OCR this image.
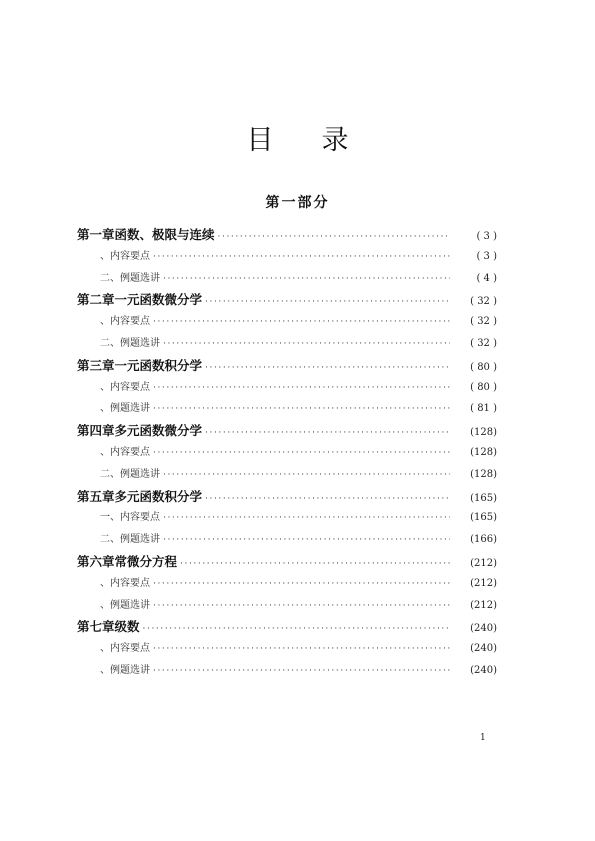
目录
第一部分
第一章 函数、极限与连续 ·····	( 3 )
、内容要点 ·····	( 3 )
二、例题选讲 ·····	( 4 )
第二章 一元函数微分学 ·····	( 32 )
、内容要点 ·····	( 32 )
二、例题选讲 ·····	( 32 )
第三章 一元函数积分学 ·····	( 80 )
、内容要点 ·····	( 80 )
、例题选讲 ·····	( 81 )
第四章 多元函数微分学 ·····	(128)
、内容要点 ·····	(128)
二、例题选讲 ·····	(128)
第五章 多元函数积分学 ·····	(165)
一、内容要点 ·····	(165)
二、例题选讲 ·····	(166)
第六章 常微分方程 ·····	(212)
、内容要点 ·····	(212)
、例题选讲 ·····	(212)
第七章 级数 ·····	(240)
、内容要点 ·····	(240)
、例题选讲 ·····	(240)
1
